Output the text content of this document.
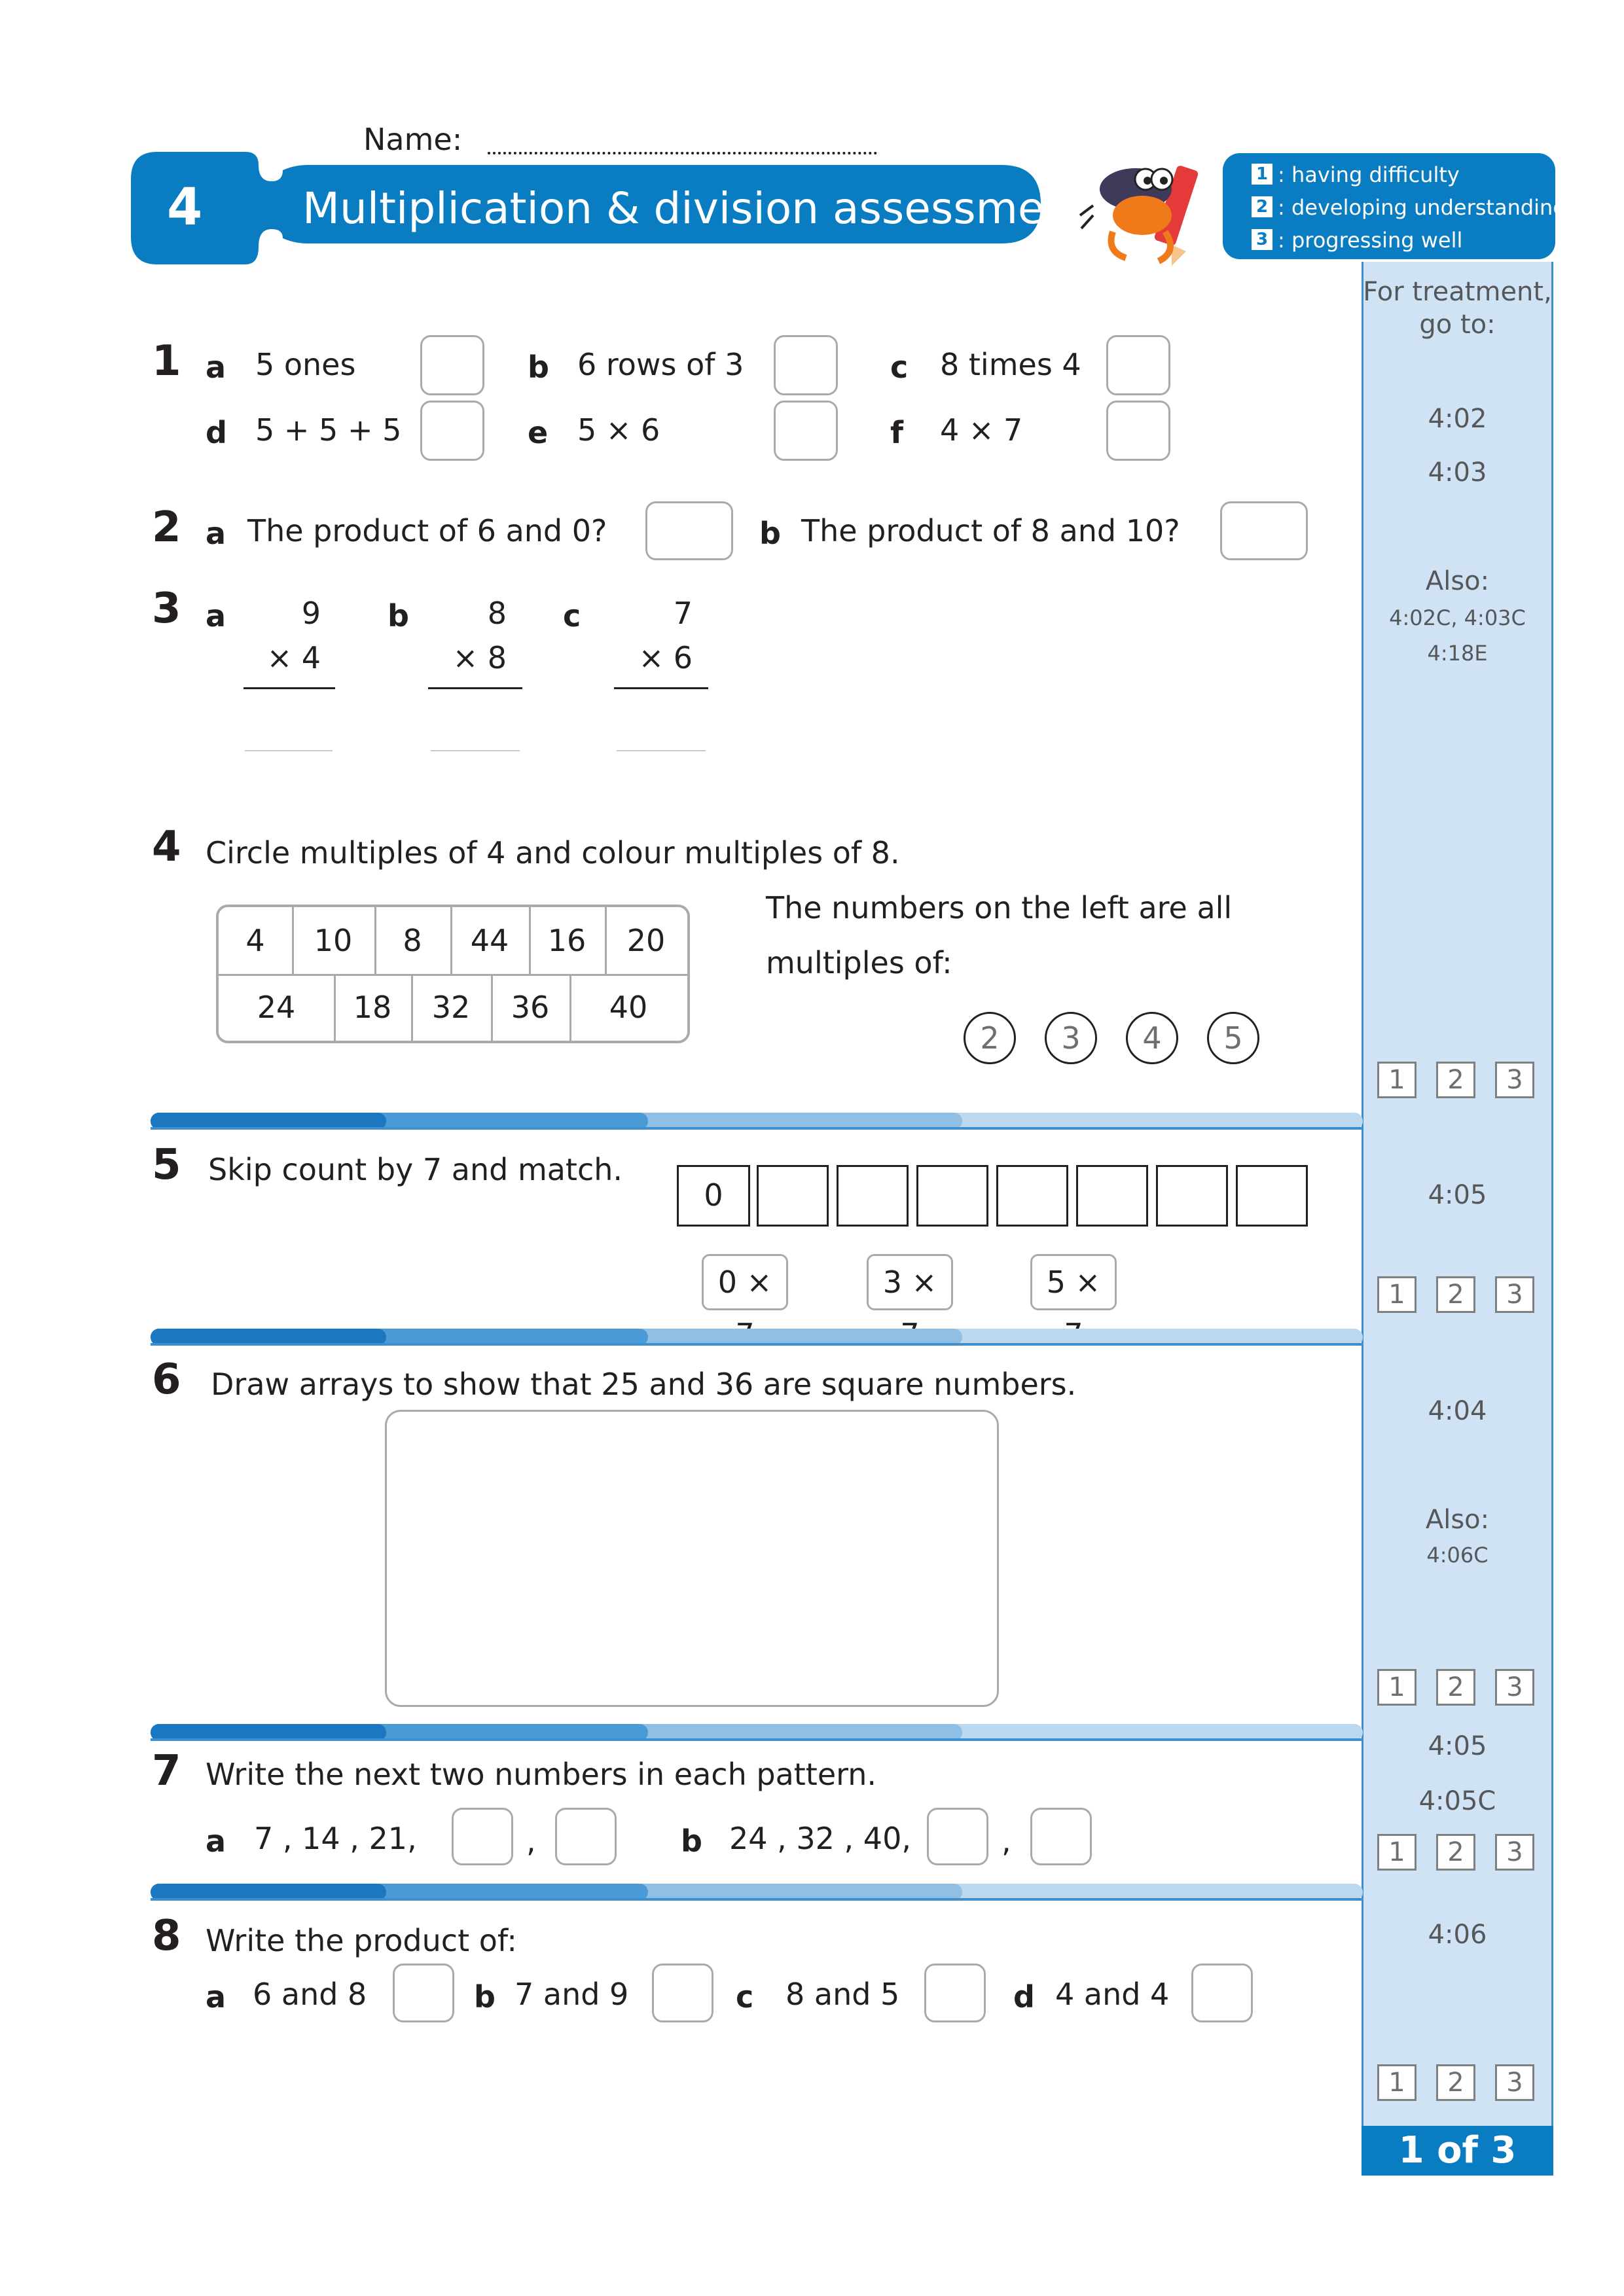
Name:
4 Multiplication & division assessment
1 : having difficulty
2 : developing understanding
3 : progressing well
1 of 3
For treatment,
go to:
4:02
4:03
Also:
4:02C, 4:03C
4:18E
4:05
4:04
Also:
4:06C
4:05
4:05C
4:06
1	2	3
1	2	3
1	2	3
1	2	3
1	2	3
1 a 5 ones	b 6 rows of 3	c 8 times 4
d 5 + 5 + 5	e 5 × 6	f 4 × 7
2 a The product of 6 and 0?	b The product of 8 and 10?
3 a	9
× 4
b	8
× 8
c	7
× 6
4 Circle multiples of 4 and colour multiples of 8.
4	10	8	44	16	20
24	18	32	36	40
The numbers on the left are all
multiples of:
2	3	4	5
5 Skip count by 7 and match.
0
0 ×	3 ×	5 ×
6 Draw arrays to show that 25 and 36 are square numbers.
7 Write the next two numbers in each pattern.
a 7 , 14 , 21,	,	b 24 , 32 , 40,	,
8 Write the product of:
a 6 and 8	b 7 and 9	c 8 and 5	d 4 and 4
